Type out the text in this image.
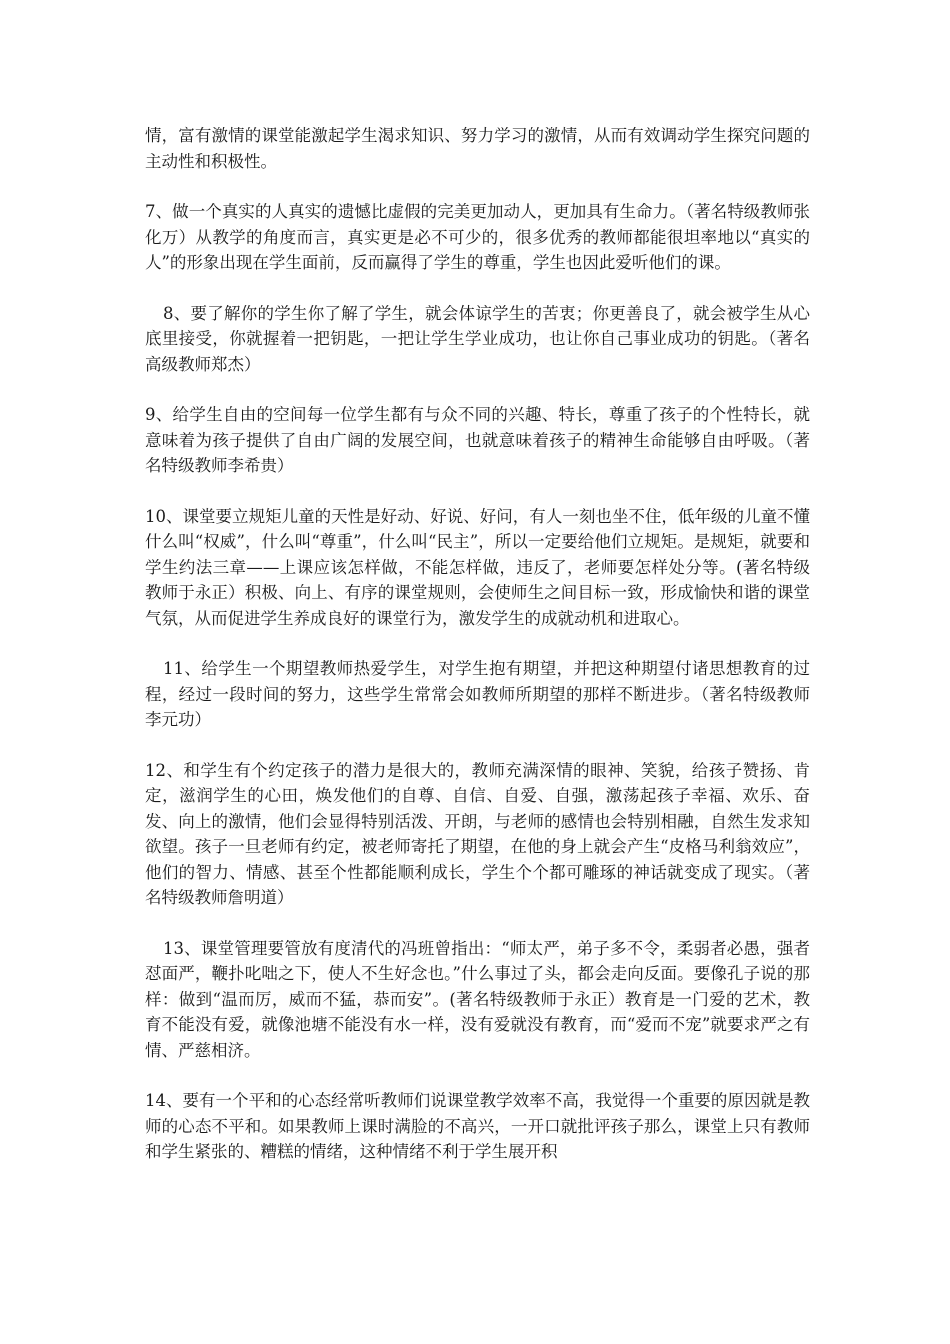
情，富有激情的课堂能激起学生渴求知识、努力学习的激情，从而有效调动学生探究问题的主动性和积极性。

7、做一个真实的人真实的遗憾比虚假的完美更加动人，更加具有生命力。（著名特级教师张化万）从教学的角度而言，真实更是必不可少的，很多优秀的教师都能很坦率地以“真实的人”的形象出现在学生面前，反而赢得了学生的尊重，学生也因此爱听他们的课。

8、要了解你的学生你了解了学生，就会体谅学生的苦衷；你更善良了，就会被学生从心底里接受，你就握着一把钥匙，一把让学生学业成功，也让你自己事业成功的钥匙。（著名高级教师郑杰）

9、给学生自由的空间每一位学生都有与众不同的兴趣、特长，尊重了孩子的个性特长，就意味着为孩子提供了自由广阔的发展空间，也就意味着孩子的精神生命能够自由呼吸。（著名特级教师李希贵）

10、课堂要立规矩儿童的天性是好动、好说、好问，有人一刻也坐不住，低年级的儿童不懂什么叫“权威”，什么叫“尊重”，什么叫“民主”，所以一定要给他们立规矩。是规矩，就要和学生约法三章——上课应该怎样做，不能怎样做，违反了，老师要怎样处分等。(著名特级教师于永正）积极、向上、有序的课堂规则，会使师生之间目标一致，形成愉快和谐的课堂气氛，从而促进学生养成良好的课堂行为，激发学生的成就动机和进取心。

11、给学生一个期望教师热爱学生，对学生抱有期望，并把这种期望付诸思想教育的过程，经过一段时间的努力，这些学生常常会如教师所期望的那样不断进步。（著名特级教师李元功）

12、和学生有个约定孩子的潜力是很大的，教师充满深情的眼神、笑貌，给孩子赞扬、肯定，滋润学生的心田，焕发他们的自尊、自信、自爱、自强，激荡起孩子幸福、欢乐、奋发、向上的激情，他们会显得特别活泼、开朗，与老师的感情也会特别相融，自然生发求知欲望。孩子一旦老师有约定，被老师寄托了期望，在他的身上就会产生“皮格马利翁效应”，他们的智力、情感、甚至个性都能顺利成长，学生个个都可雕琢的神话就变成了现实。（著名特级教师詹明道）

13、课堂管理要管放有度清代的冯班曾指出：“师太严，弟子多不令，柔弱者必愚，强者怼面严，鞭扑叱咄之下，使人不生好念也。”什么事过了头，都会走向反面。要像孔子说的那样：做到“温而厉，威而不猛，恭而安”。(著名特级教师于永正）教育是一门爱的艺术，教育不能没有爱，就像池塘不能没有水一样，没有爱就没有教育，而“爱而不宠”就要求严之有情、严慈相济。

14、要有一个平和的心态经常听教师们说课堂教学效率不高，我觉得一个重要的原因就是教师的心态不平和。如果教师上课时满脸的不高兴，一开口就批评孩子那么，课堂上只有教师和学生紧张的、糟糕的情绪，这种情绪不利于学生展开积
